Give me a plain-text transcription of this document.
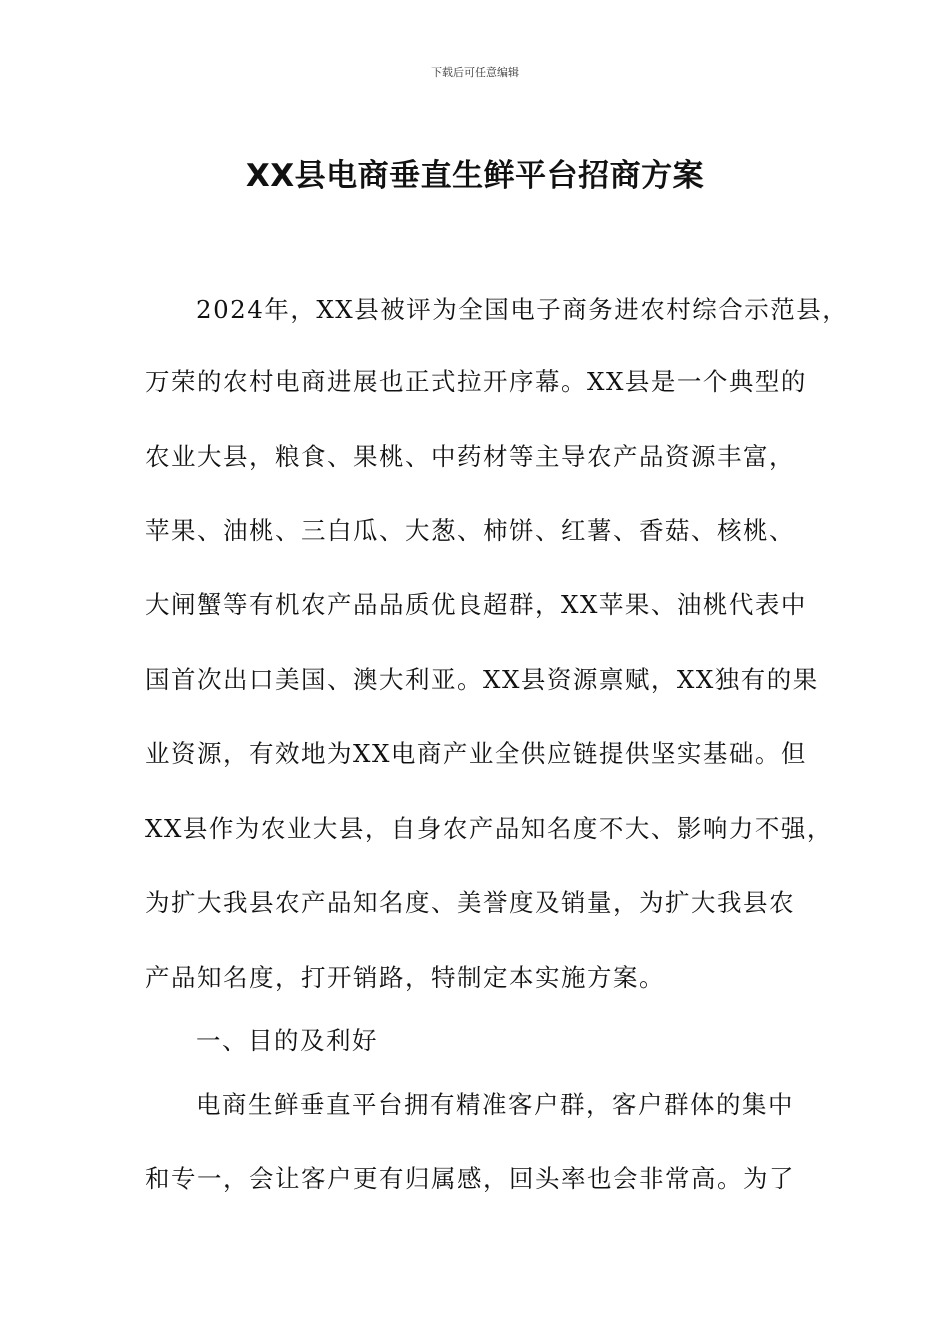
下载后可任意编辑
XX县电商垂直生鲜平台招商方案
2024年，XX县被评为全国电子商务进农村综合示范县，
万荣的农村电商进展也正式拉开序幕。XX县是一个典型的
农业大县，粮食、果桃、中药材等主导农产品资源丰富，
苹果、油桃、三白瓜、大葱、柿饼、红薯、香菇、核桃、
大闸蟹等有机农产品品质优良超群，XX苹果、油桃代表中
国首次出口美国、澳大利亚。XX县资源禀赋，XX独有的果
业资源，有效地为XX电商产业全供应链提供坚实基础。但
XX县作为农业大县，自身农产品知名度不大、影响力不强，
为扩大我县农产品知名度、美誉度及销量，为扩大我县农
产品知名度，打开销路，特制定本实施方案。
一、目的及利好
电商生鲜垂直平台拥有精准客户群，客户群体的集中
和专一，会让客户更有归属感，回头率也会非常高。为了
